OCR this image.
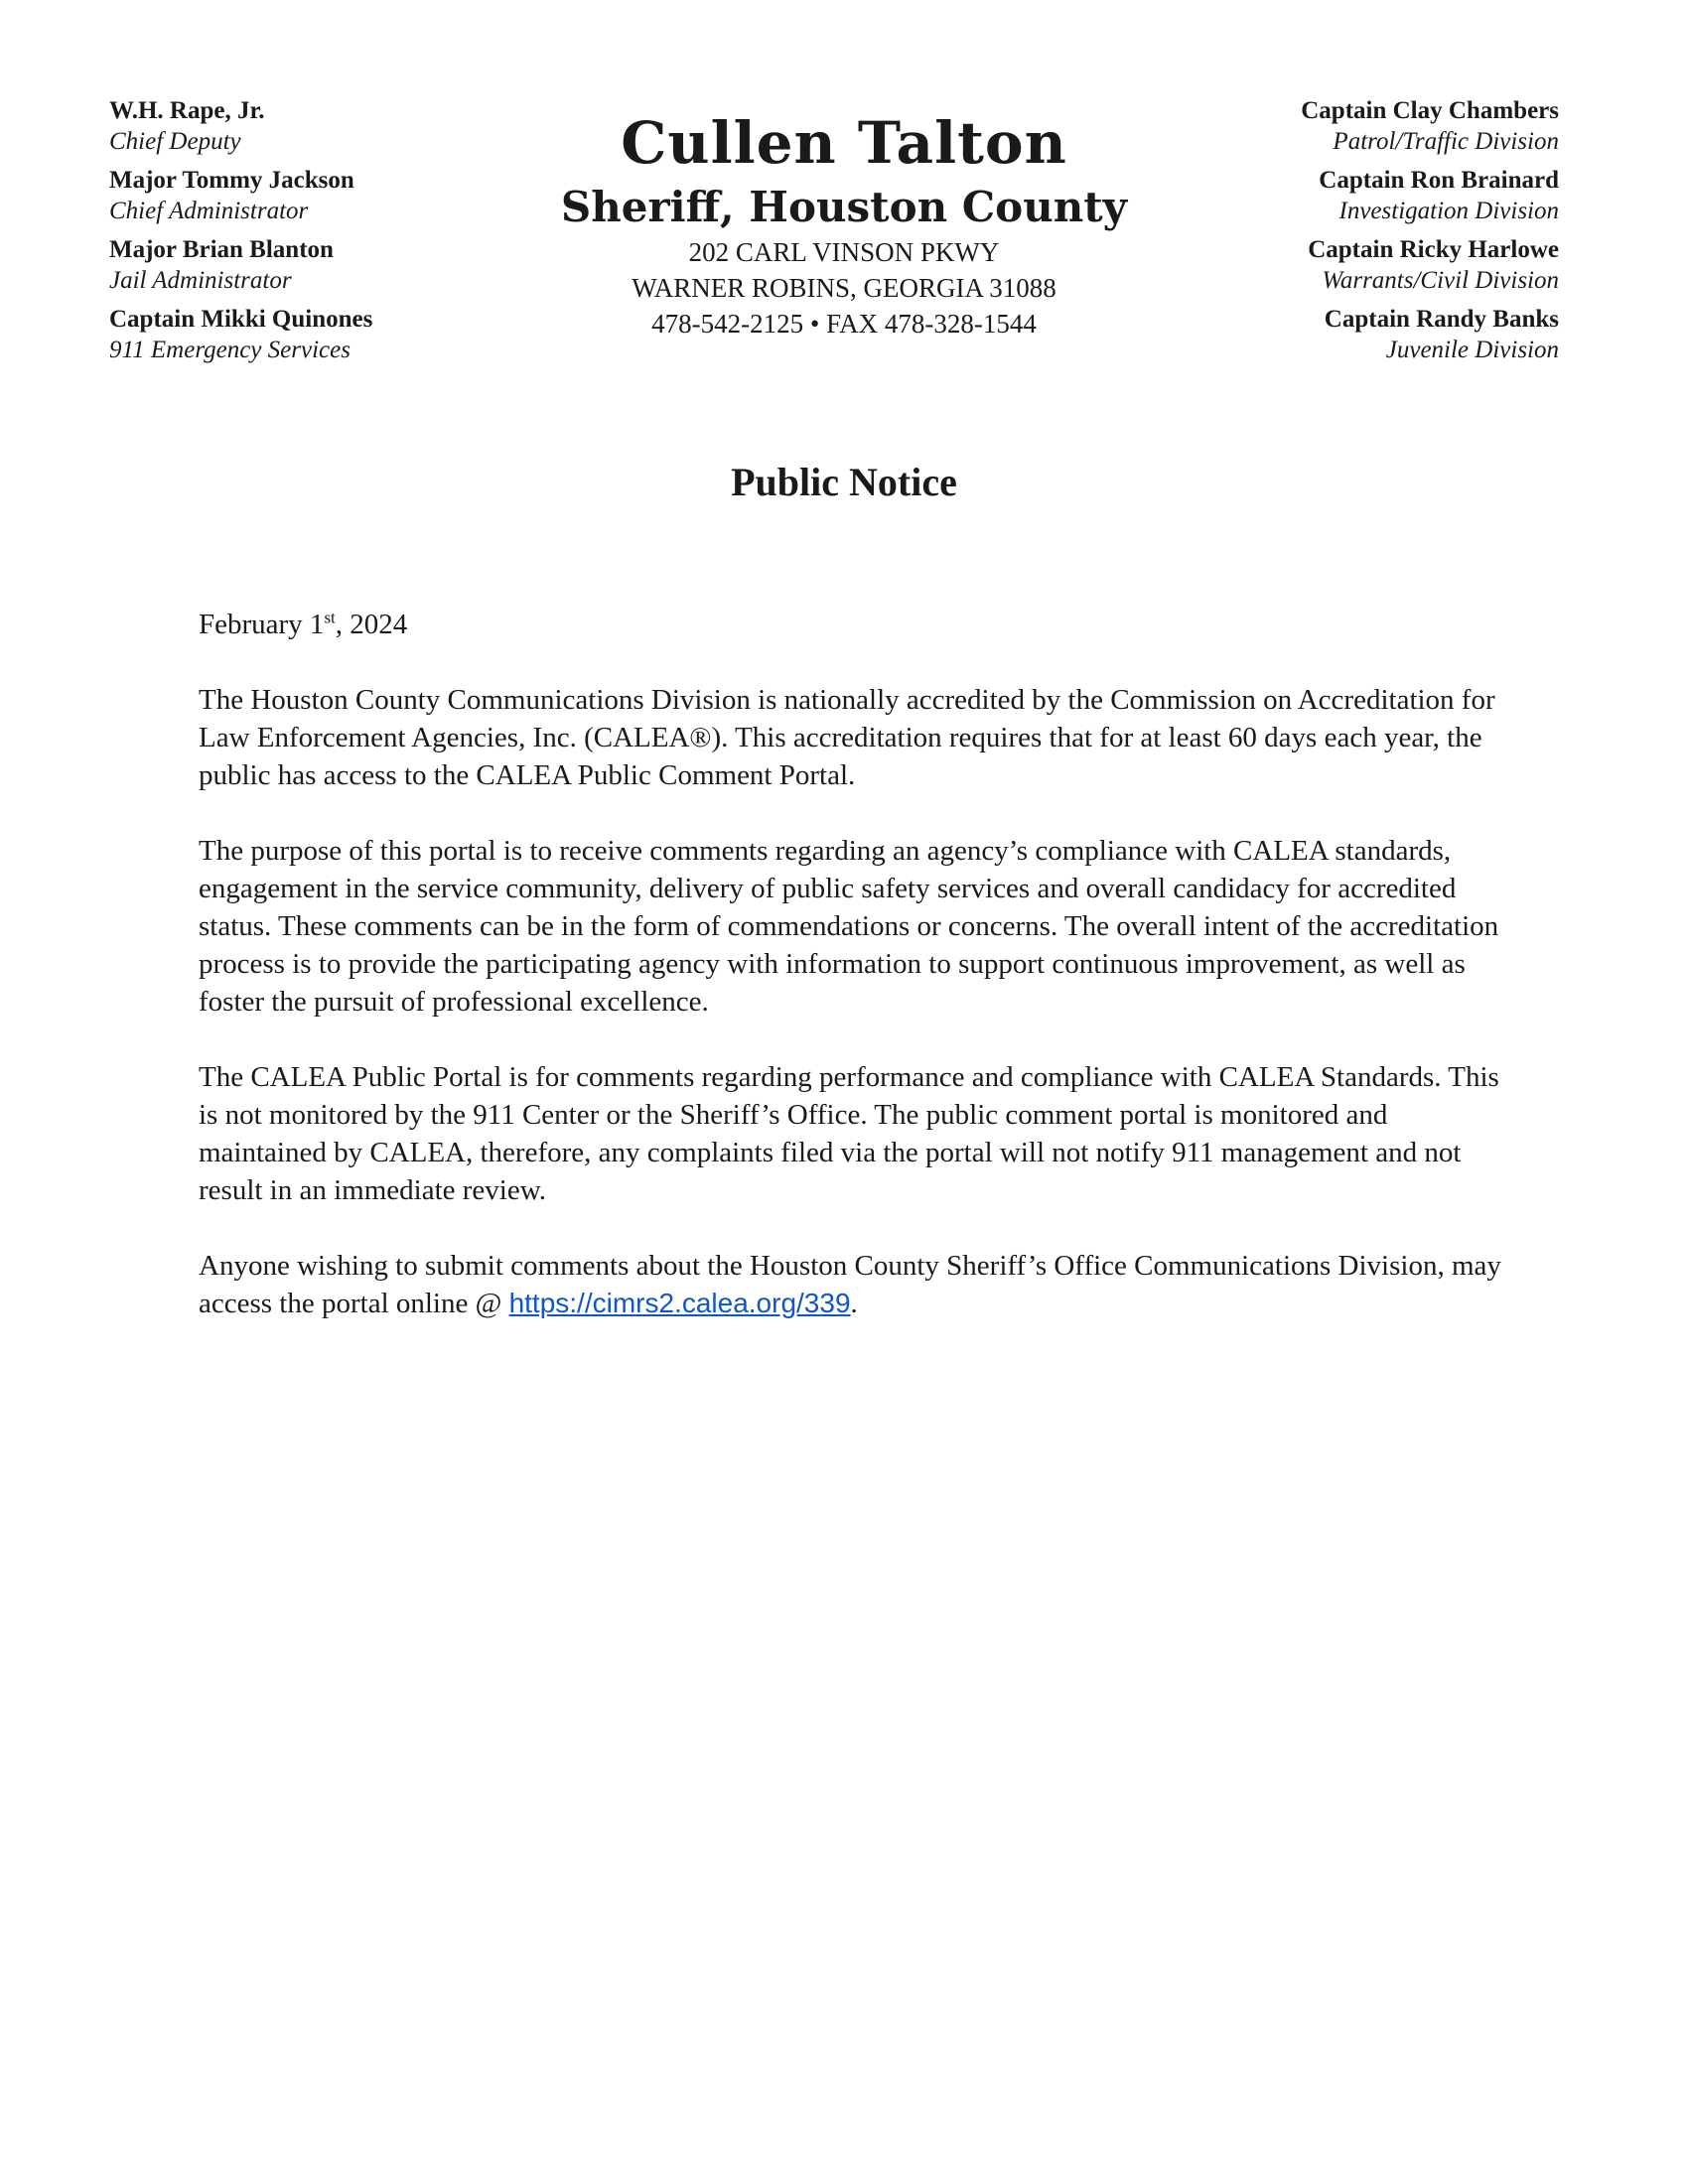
W.H. Rape, Jr.
Chief Deputy
Major Tommy Jackson
Chief Administrator
Major Brian Blanton
Jail Administrator
Captain Mikki Quinones
911 Emergency Services
Cullen Talton
Sheriff, Houston County
202 CARL VINSON PKWY
WARNER ROBINS, GEORGIA 31088
478-542-2125 • FAX 478-328-1544
Captain Clay Chambers
Patrol/Traffic Division
Captain Ron Brainard
Investigation Division
Captain Ricky Harlowe
Warrants/Civil Division
Captain Randy Banks
Juvenile Division
Public Notice
February 1st, 2024

The Houston County Communications Division is nationally accredited by the Commission on Accreditation for Law Enforcement Agencies, Inc. (CALEA®). This accreditation requires that for at least 60 days each year, the public has access to the CALEA Public Comment Portal.

The purpose of this portal is to receive comments regarding an agency’s compliance with CALEA standards, engagement in the service community, delivery of public safety services and overall candidacy for accredited status. These comments can be in the form of commendations or concerns. The overall intent of the accreditation process is to provide the participating agency with information to support continuous improvement, as well as foster the pursuit of professional excellence.

The CALEA Public Portal is for comments regarding performance and compliance with CALEA Standards. This is not monitored by the 911 Center or the Sheriff’s Office. The public comment portal is monitored and maintained by CALEA, therefore, any complaints filed via the portal will not notify 911 management and not result in an immediate review.

Anyone wishing to submit comments about the Houston County Sheriff’s Office Communications Division, may access the portal online @ https://cimrs2.calea.org/339.
